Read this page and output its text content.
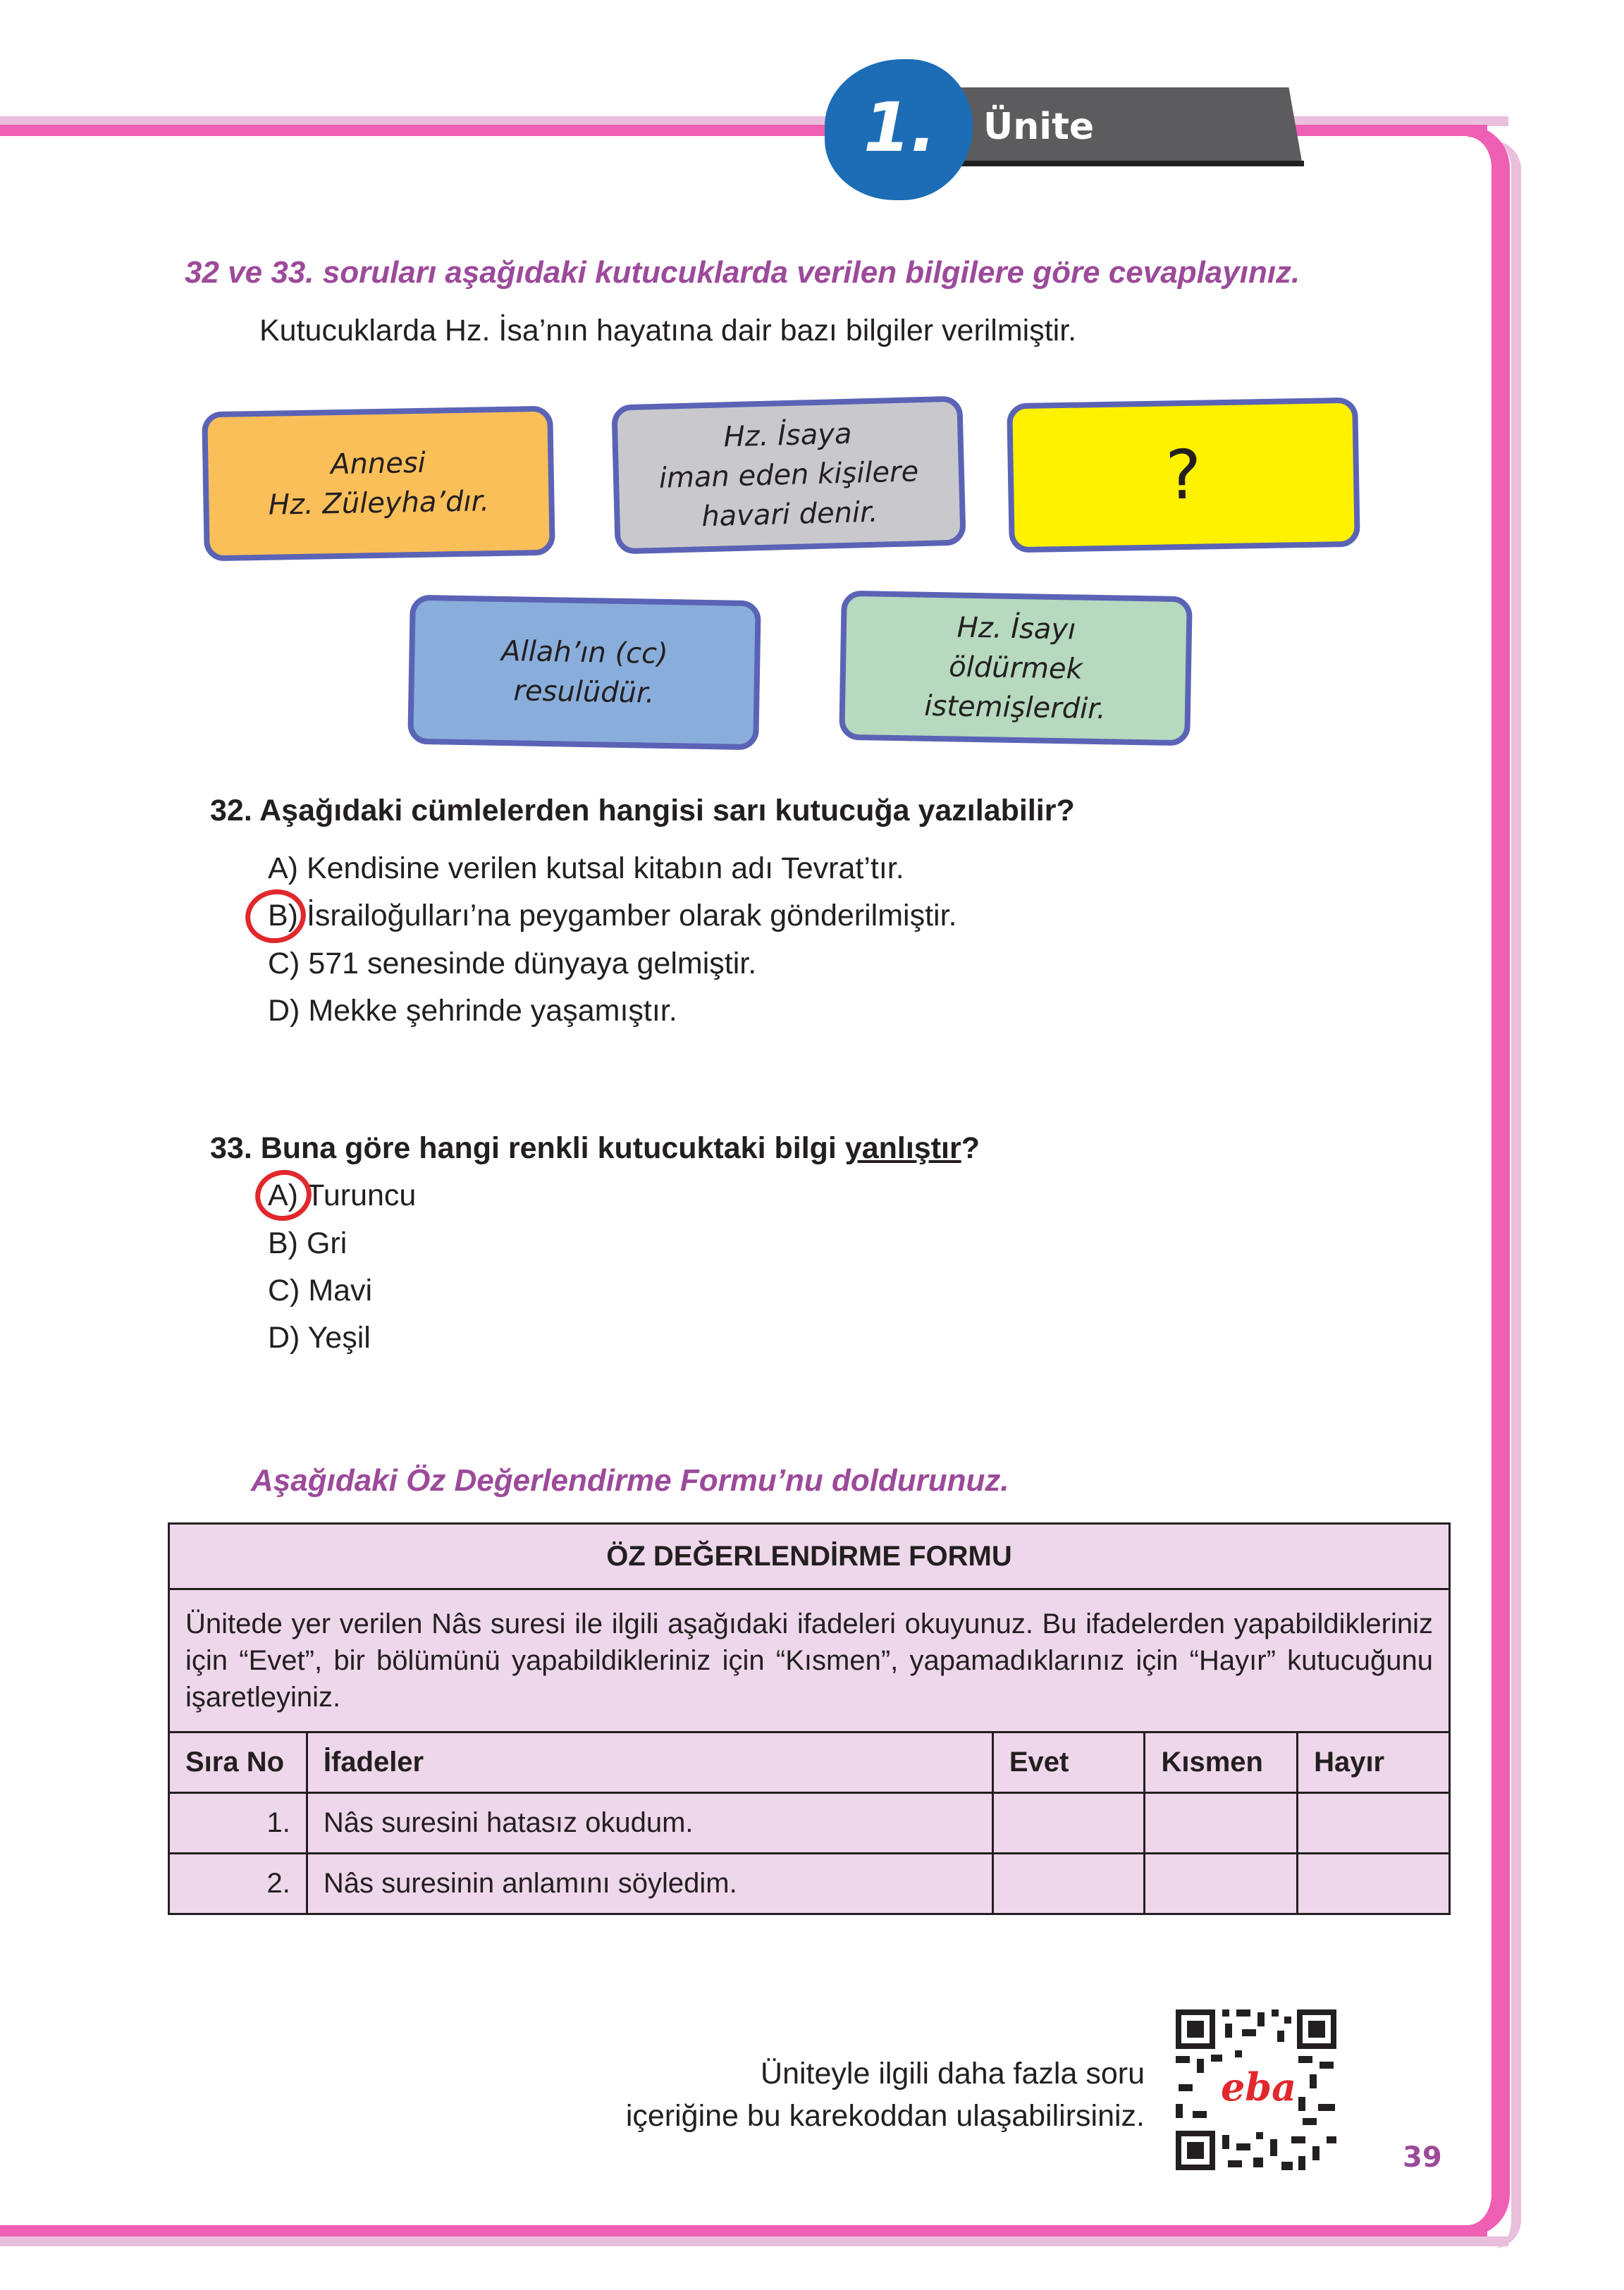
Ünite
1.
32 ve 33. soruları aşağıdaki kutucuklarda verilen bilgilere göre cevaplayınız.
Kutucuklarda Hz. İsa’nın hayatına dair bazı bilgiler verilmiştir.
Annesi
Hz. Züleyha’dır.
Hz. İsaya
iman eden kişilere
havari denir.	?
Allah’ın (cc)
resulüdür.
Hz. İsayı
öldürmek
istemişlerdir.
32. Aşağıdaki cümlelerden hangisi sarı kutucuğa yazılabilir?
A) Kendisine verilen kutsal kitabın adı Tevrat’tır.
B) İsrailoğulları’na peygamber olarak gönderilmiştir.
C) 571 senesinde dünyaya gelmiştir.
D) Mekke şehrinde yaşamıştır.
33. Buna göre hangi renkli kutucuktaki bilgi yanlıştır?
A) Turuncu
B) Gri
C) Mavi
D) Yeşil
Aşağıdaki Öz Değerlendirme Formu’nu doldurunuz.
ÖZ DEĞERLENDİRME FORMU				
Ünitede yer verilen Nâs suresi ile ilgili aşağıdaki ifadeleri okuyunuz. Bu ifadelerden yapabildikleriniz için “Evet”, bir bölümünü yapabildikleriniz için “Kısmen”, yapamadıklarınız için “Hayır” kutucuğunu işaretleyiniz.				
Sıra No	İfadeler	Evet	Kısmen	Hayır
1.	Nâs suresini hatasız okudum.			
2.	Nâs suresinin anlamını söyledim.			
Üniteyle ilgili daha fazla soru
içeriğine bu karekoddan ulaşabilirsiniz.
eba
39
